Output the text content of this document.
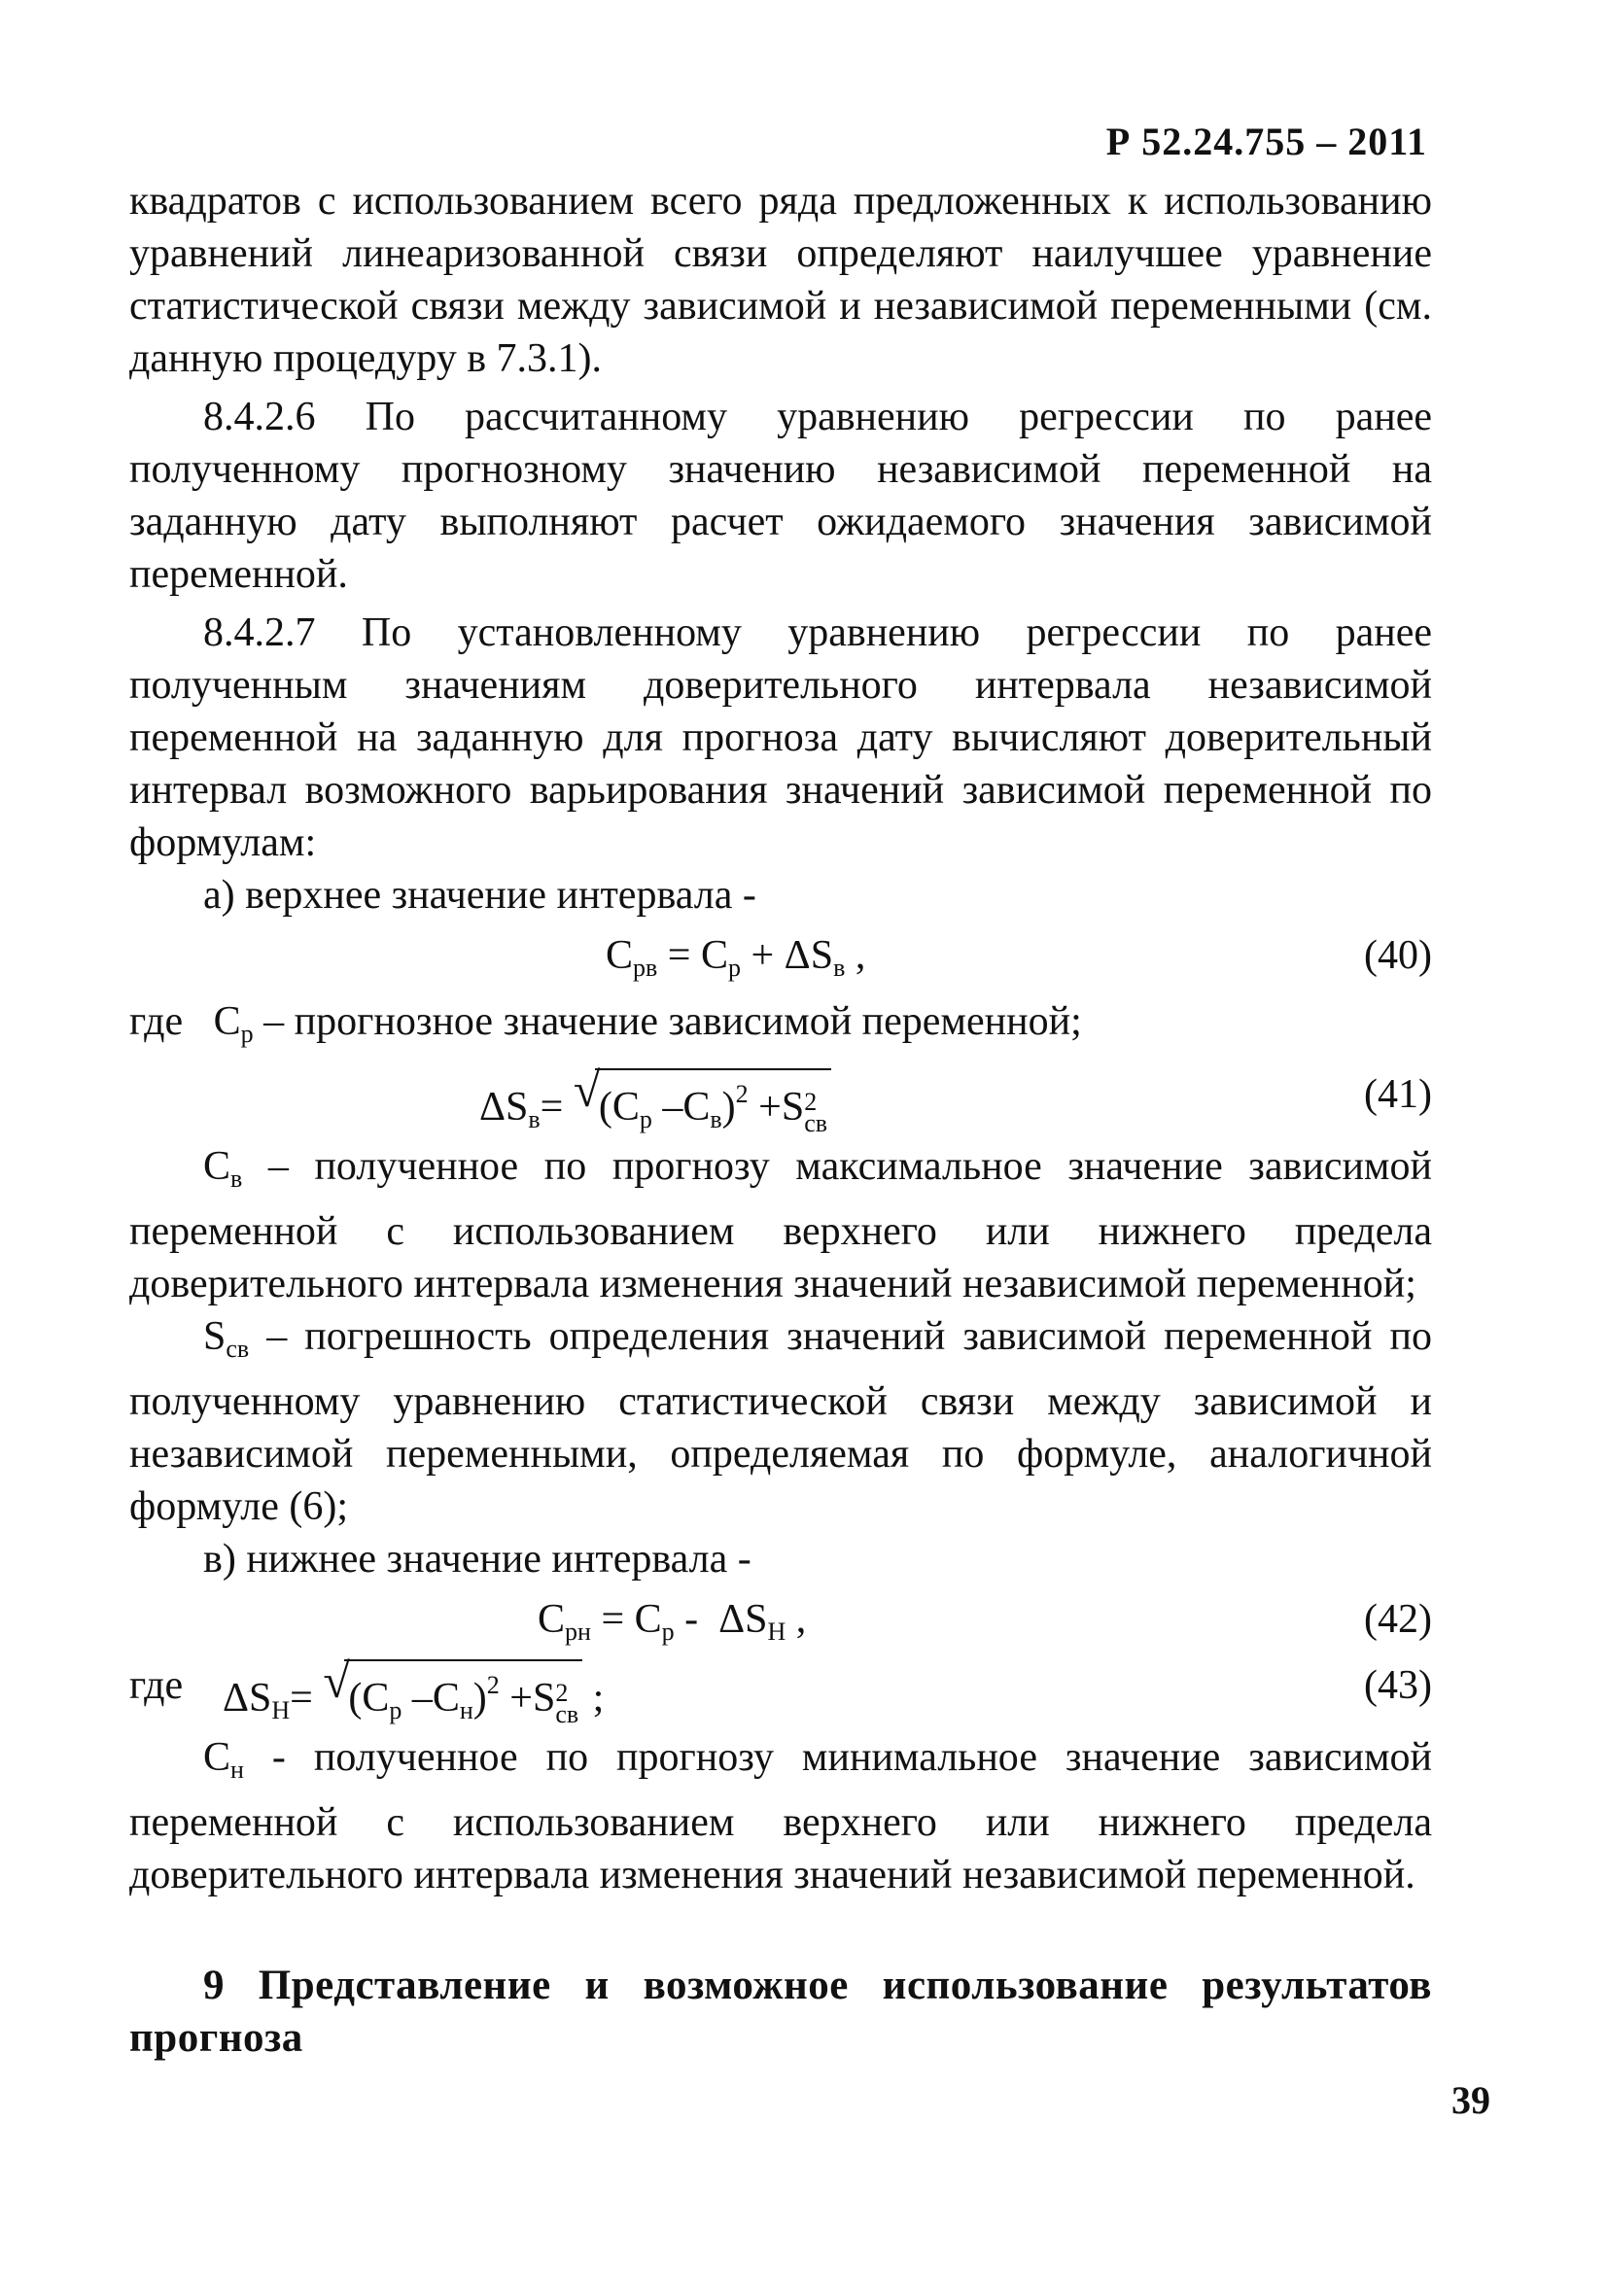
Р 52.24.755 – 2011

квадратов с использованием всего ряда предложенных к использованию уравнений линеаризованной связи определяют наилучшее уравнение статистической связи между зависимой и независимой переменными (см. данную процедуру в 7.3.1).

8.4.2.6 По рассчитанному уравнению регрессии по ранее полученному прогнозному значению независимой переменной на заданную дату выполняют расчет ожидаемого значения зависимой переменной.

8.4.2.7 По установленному уравнению регрессии по ранее полученным значениям доверительного интервала независимой переменной на заданную для прогноза дату вычисляют доверительный интервал возможного варьирования значений зависимой переменной по формулам:

а) верхнее значение интервала -

$C_{рв} = C_р + \Delta S_в$ ,	(40)

где   $C_р$ – прогнозное значение зависимой переменной;

$\Delta S_в=$ √
($C_р$ $-C_в)^2 +S2$
св
(41)

$C_в$ – полученное по прогнозу максимальное значение зависимой переменной с использованием верхнего или нижнего предела доверительного интервала изменения значений независимой переменной;

$S_{св}$ – погрешность определения значений зависимой переменной по полученному уравнению статистической связи между зависимой и независимой переменными, определяемая по формуле, аналогичной формуле (6);

в) нижнее значение интервала -

$C_{рн} = C_р - \Delta S_Н$ ,	(42)
где $\Delta S_Н=$ √
($C_р$ $-C_н)^2 +S2$
св ;	(43)

$C_н$ - полученное по прогнозу минимальное значение зависимой переменной с использованием верхнего или нижнего предела доверительного интервала изменения значений независимой переменной.

9 Представление и возможное использование результатов прогноза

39
